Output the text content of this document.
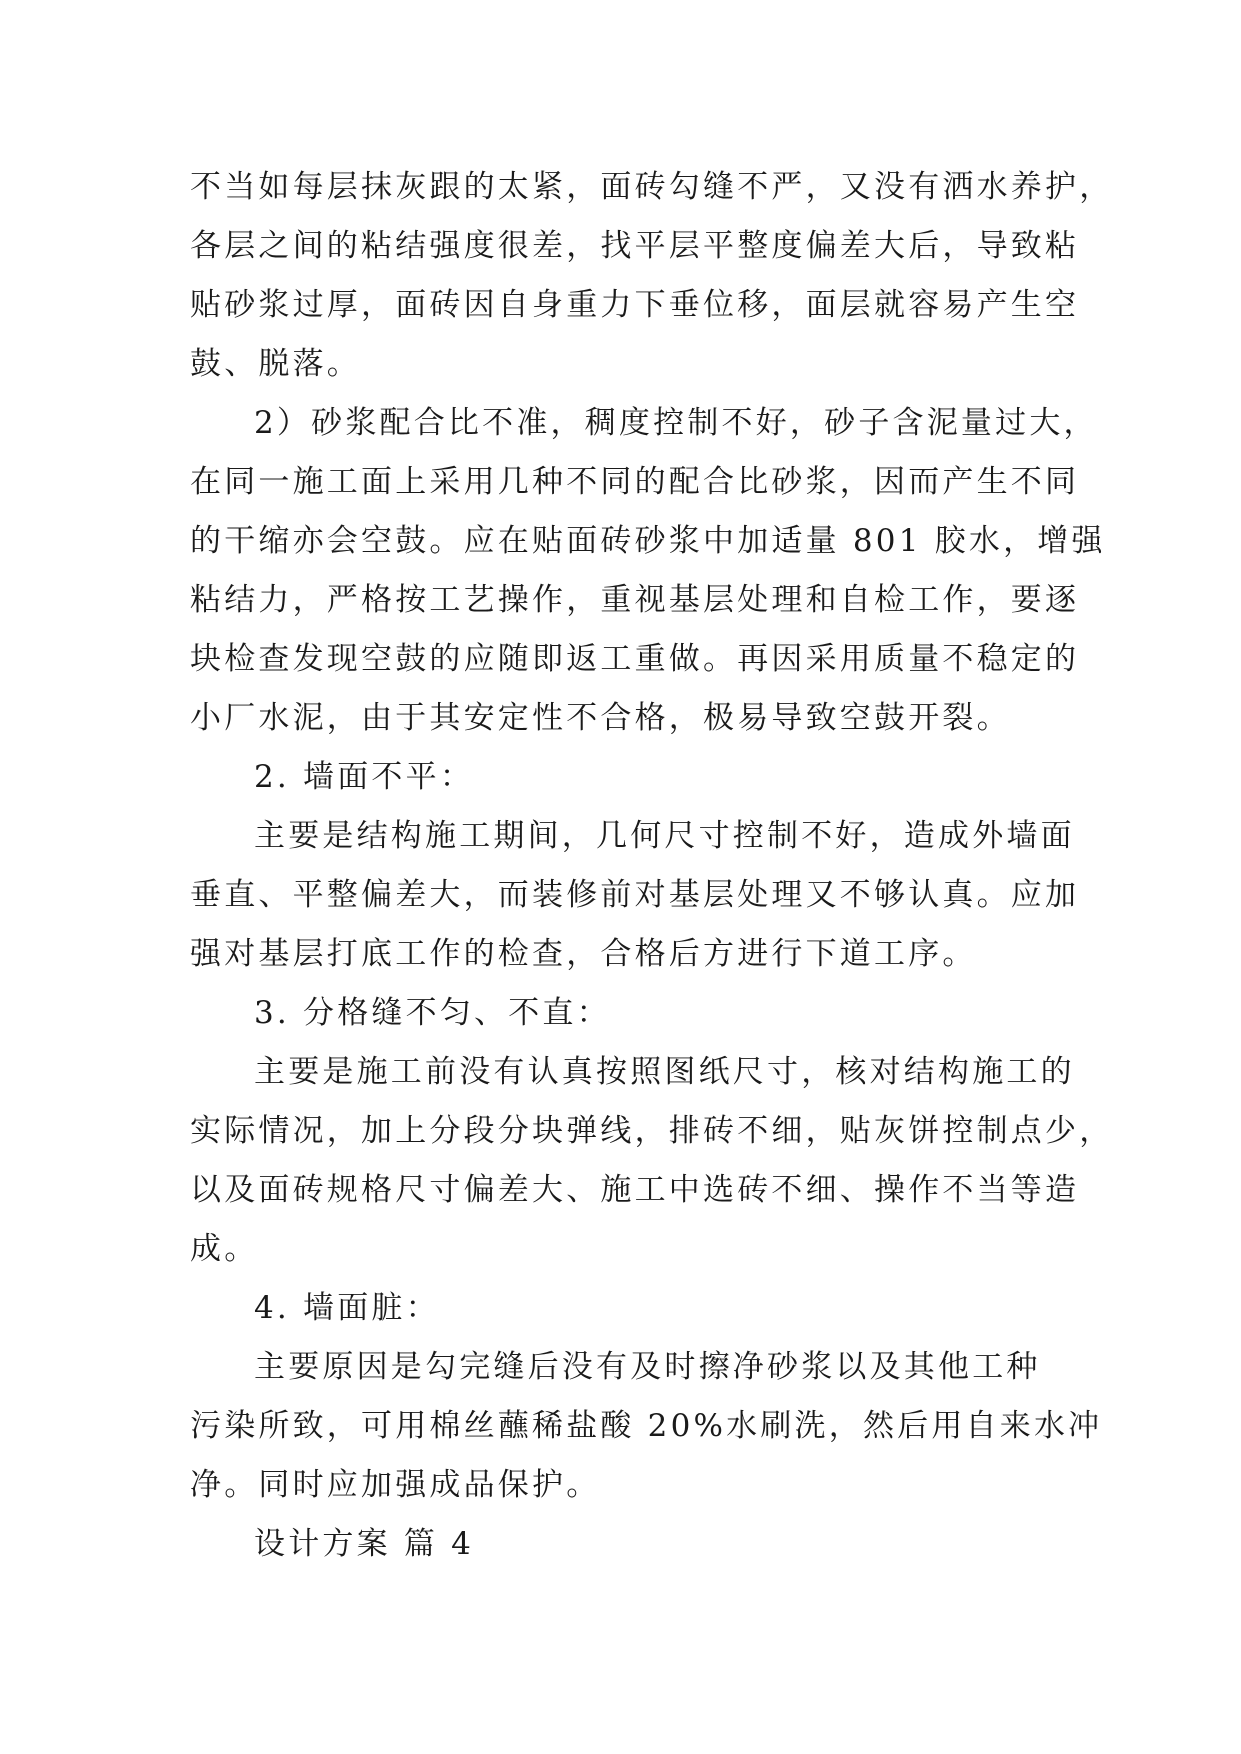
不当如每层抹灰跟的太紧，面砖勾缝不严，又没有洒水养护，
各层之间的粘结强度很差，找平层平整度偏差大后，导致粘
贴砂浆过厚，面砖因自身重力下垂位移，面层就容易产生空
鼓、脱落。
2）砂浆配合比不准，稠度控制不好，砂子含泥量过大，
在同一施工面上采用几种不同的配合比砂浆，因而产生不同
的干缩亦会空鼓。应在贴面砖砂浆中加适量 801 胶水，增强
粘结力，严格按工艺操作，重视基层处理和自检工作，要逐
块检查发现空鼓的应随即返工重做。再因采用质量不稳定的
小厂水泥，由于其安定性不合格，极易导致空鼓开裂。
2. 墙面不平：
主要是结构施工期间，几何尺寸控制不好，造成外墙面
垂直、平整偏差大，而装修前对基层处理又不够认真。应加
强对基层打底工作的检查，合格后方进行下道工序。
3. 分格缝不匀、不直：
主要是施工前没有认真按照图纸尺寸，核对结构施工的
实际情况，加上分段分块弹线，排砖不细，贴灰饼控制点少，
以及面砖规格尺寸偏差大、施工中选砖不细、操作不当等造
成。
4. 墙面脏：
主要原因是勾完缝后没有及时擦净砂浆以及其他工种
污染所致，可用棉丝蘸稀盐酸 20%水刷洗，然后用自来水冲
净。同时应加强成品保护。
设计方案 篇 4
